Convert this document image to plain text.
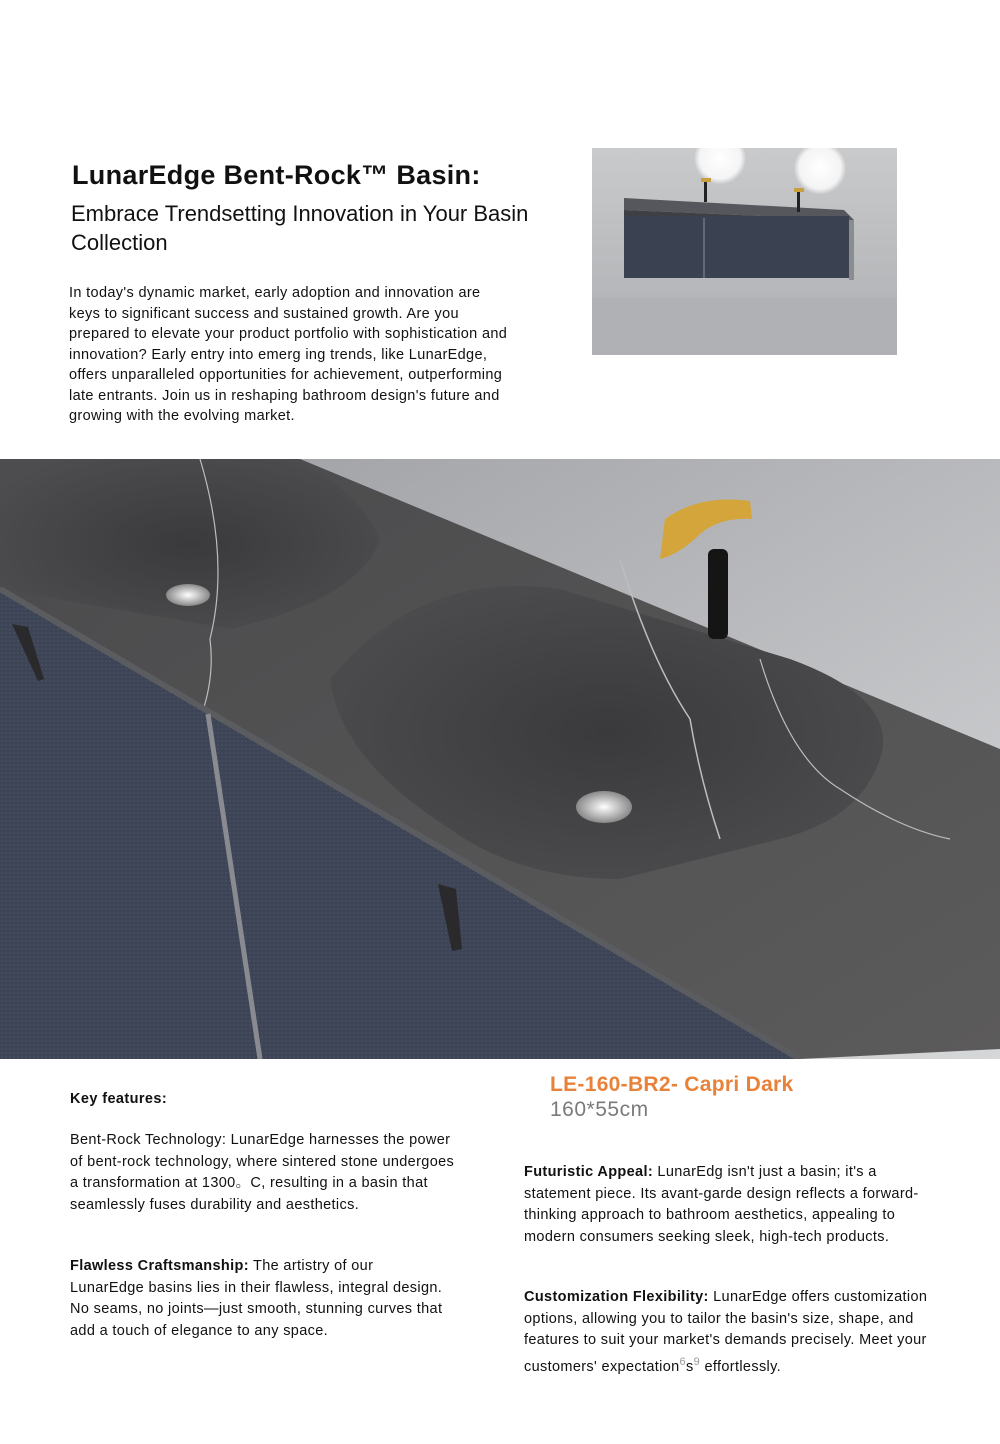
LunarEdge Bent-Rock™ Basin:
Embrace Trendsetting Innovation in Your Basin Collection
In today's dynamic market, early adoption and innovation are keys to significant success and sustained growth. Are you prepared to elevate your product portfolio with sophistication and innovation? Early entry into emerg ing trends, like LunarEdge, offers unparalleled opportunities for achievement, outperforming late entrants. Join us in reshaping bathroom design's future and growing with the evolving market.
LE-160-BR2- Capri Dark
160*55cm
Key features:
Bent-Rock Technology: LunarEdge harnesses the power of bent-rock technology, where sintered stone undergoes a transformation at 1300。C, resulting in a basin that seamlessly fuses durability and aesthetics.
Flawless Craftsmanship: The artistry of our LunarEdge basins lies in their flawless, integral design. No seams, no joints—just smooth, stunning curves that add a touch of elegance to any space.
Futuristic Appeal: LunarEdg isn't just a basin; it's a statement piece. Its avant-garde design reflects a forward-thinking approach to bathroom aesthetics, appealing to modern consumers seeking sleek, high-tech products.
Customization Flexibility: LunarEdge offers customization options, allowing you to tailor the basin's size, shape, and features to suit your market's demands precisely. Meet your customers' $expectation^6s^9$ effortlessly.
